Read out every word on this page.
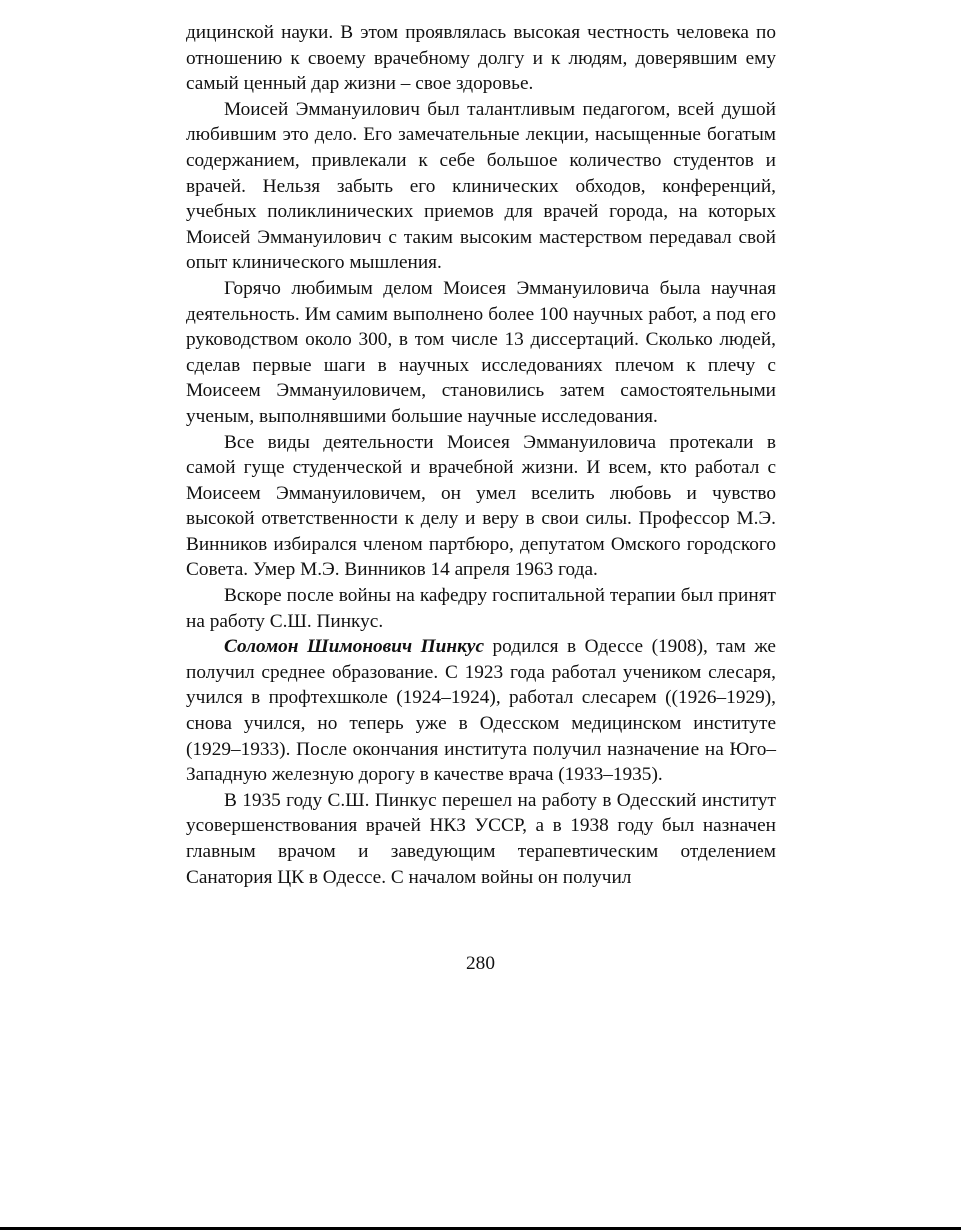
дицинской науки. В этом проявлялась высокая честность человека по отношению к своему врачебному долгу и к людям, доверявшим ему самый ценный дар жизни – свое здоровье.

Моисей Эммануилович был талантливым педагогом, всей душой любившим это дело. Его замечательные лекции, насыщенные богатым содержанием, привлекали к себе большое количество студентов и врачей. Нельзя забыть его клинических обходов, конференций, учебных поликлинических приемов для врачей города, на которых Моисей Эммануилович с таким высоким мастерством передавал свой опыт клинического мышления.

Горячо любимым делом Моисея Эммануиловича была научная деятельность. Им самим выполнено более 100 научных работ, а под его руководством около 300, в том числе 13 диссертаций. Сколько людей, сделав первые шаги в научных исследованиях плечом к плечу с Моисеем Эммануиловичем, становились затем самостоятельными ученым, выполнявшими большие научные исследования.

Все виды деятельности Моисея Эммануиловича протекали в самой гуще студенческой и врачебной жизни. И всем, кто работал с Моисеем Эммануиловичем, он умел вселить любовь и чувство высокой ответственности к делу и веру в свои силы. Профессор М.Э. Винников избирался членом партбюро, депутатом Омского городского Совета. Умер М.Э. Винников 14 апреля 1963 года.

Вскоре после войны на кафедру госпитальной терапии был принят на работу С.Ш. Пинкус.

Соломон Шимонович Пинкус родился в Одессе (1908), там же получил среднее образование. С 1923 года работал учеником слесаря, учился в профтехшколе (1924–1924), работал слесарем ((1926–1929), снова учился, но теперь уже в Одесском медицинском институте (1929–1933). После окончания института получил назначение на Юго–Западную железную дорогу в качестве врача (1933–1935).

В 1935 году С.Ш. Пинкус перешел на работу в Одесский институт усовершенствования врачей НКЗ УССР, а в 1938 году был назначен главным врачом и заведующим терапевтическим отделением Санатория ЦК в Одессе. С началом войны он получил

280
